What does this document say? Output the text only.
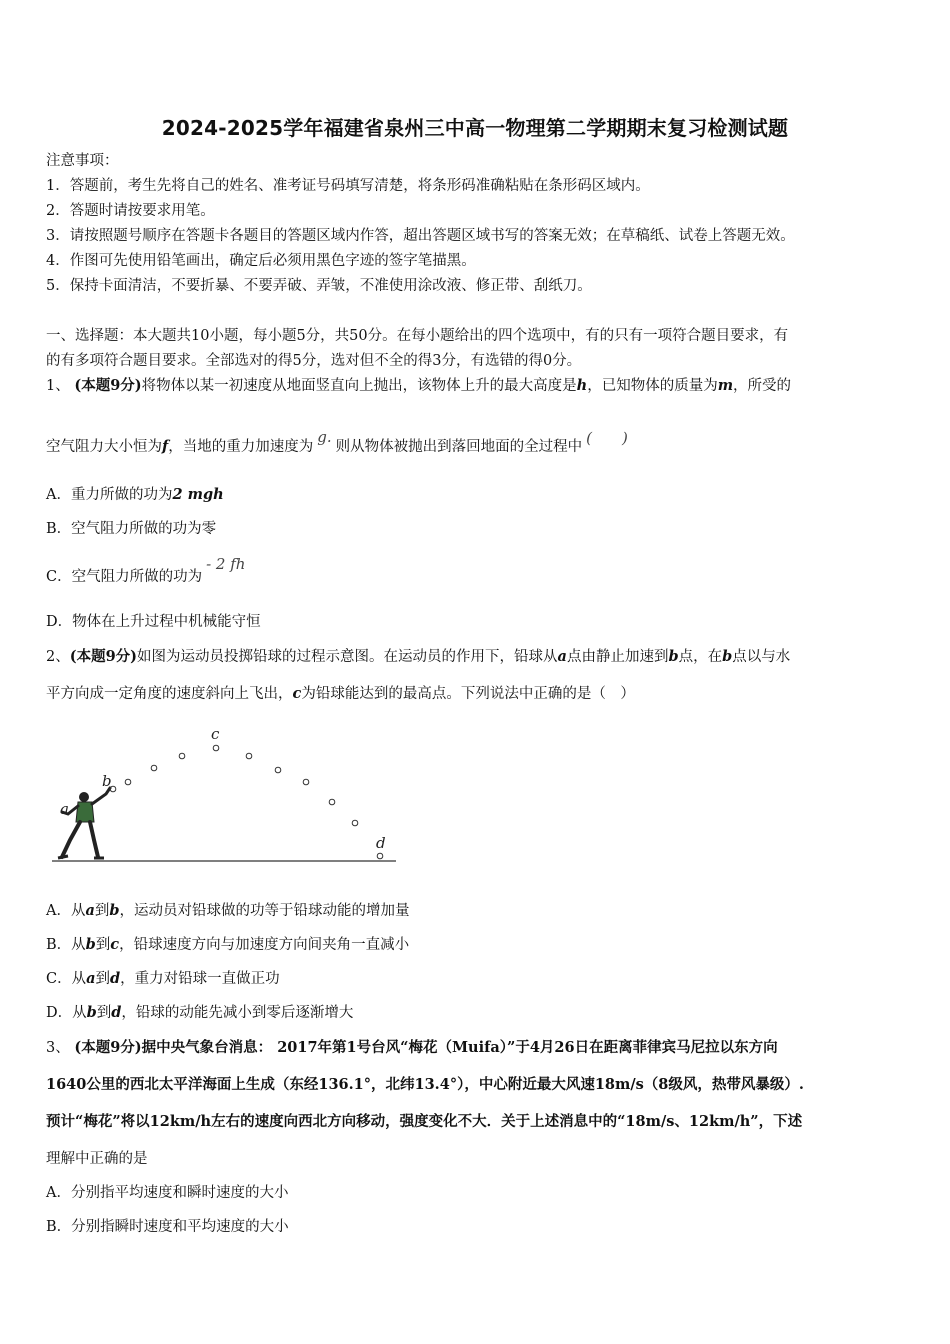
2024-2025学年福建省泉州三中高一物理第二学期期末复习检测试题
注意事项：
1．答题前，考生先将自己的姓名、准考证号码填写清楚，将条形码准确粘贴在条形码区域内。
2．答题时请按要求用笔。
3．请按照题号顺序在答题卡各题目的答题区域内作答，超出答题区域书写的答案无效；在草稿纸、试卷上答题无效。
4．作图可先使用铅笔画出，确定后必须用黑色字迹的签字笔描黑。
5．保持卡面清洁，不要折暴、不要弄破、弄皱，不准使用涂改液、修正带、刮纸刀。
一、选择题：本大题共10小题，每小题5分，共50分。在每小题给出的四个选项中，有的只有一项符合题目要求，有
的有多项符合题目要求。全部选对的得5分，选对但不全的得3分，有选错的得0分。
1、 (本题9分)将物体以某一初速度从地面竖直向上抛出，该物体上升的最大高度是h，已知物体的质量为m，所受的
空气阻力大小恒为f，当地的重力加速度为g.则从物体被抛出到落回地面的全过程中 (　　)
A．重力所做的功为2 mgh
B．空气阻力所做的功为零
C．空气阻力所做的功为- 2 fh
D．物体在上升过程中机械能守恒
2、(本题9分)如图为运动员投掷铅球的过程示意图。在运动员的作用下，铅球从a点由静止加速到b点，在b点以与水
平方向成一定角度的速度斜向上飞出，c为铅球能达到的最高点。下列说法中正确的是（　）
a
b
c
d
A．从a到b，运动员对铅球做的功等于铅球动能的增加量
B．从b到c，铅球速度方向与加速度方向间夹角一直减小
C．从a到d，重力对铅球一直做正功
D．从b到d，铅球的动能先减小到零后逐渐增大
3、 (本题9分)据中央气象台消息： 2017年第1号台风“梅花（Muifa）”于4月26日在距离菲律宾马尼拉以东方向
1640公里的西北太平洋海面上生成（东经136.1°，北纬13.4°），中心附近最大风速18m/s（8级风，热带风暴级）.
预计“梅花”将以12km/h左右的速度向西北方向移动，强度变化不大．关于上述消息中的“18m/s、12km/h”，下述
理解中正确的是
A．分别指平均速度和瞬时速度的大小
B．分别指瞬时速度和平均速度的大小
